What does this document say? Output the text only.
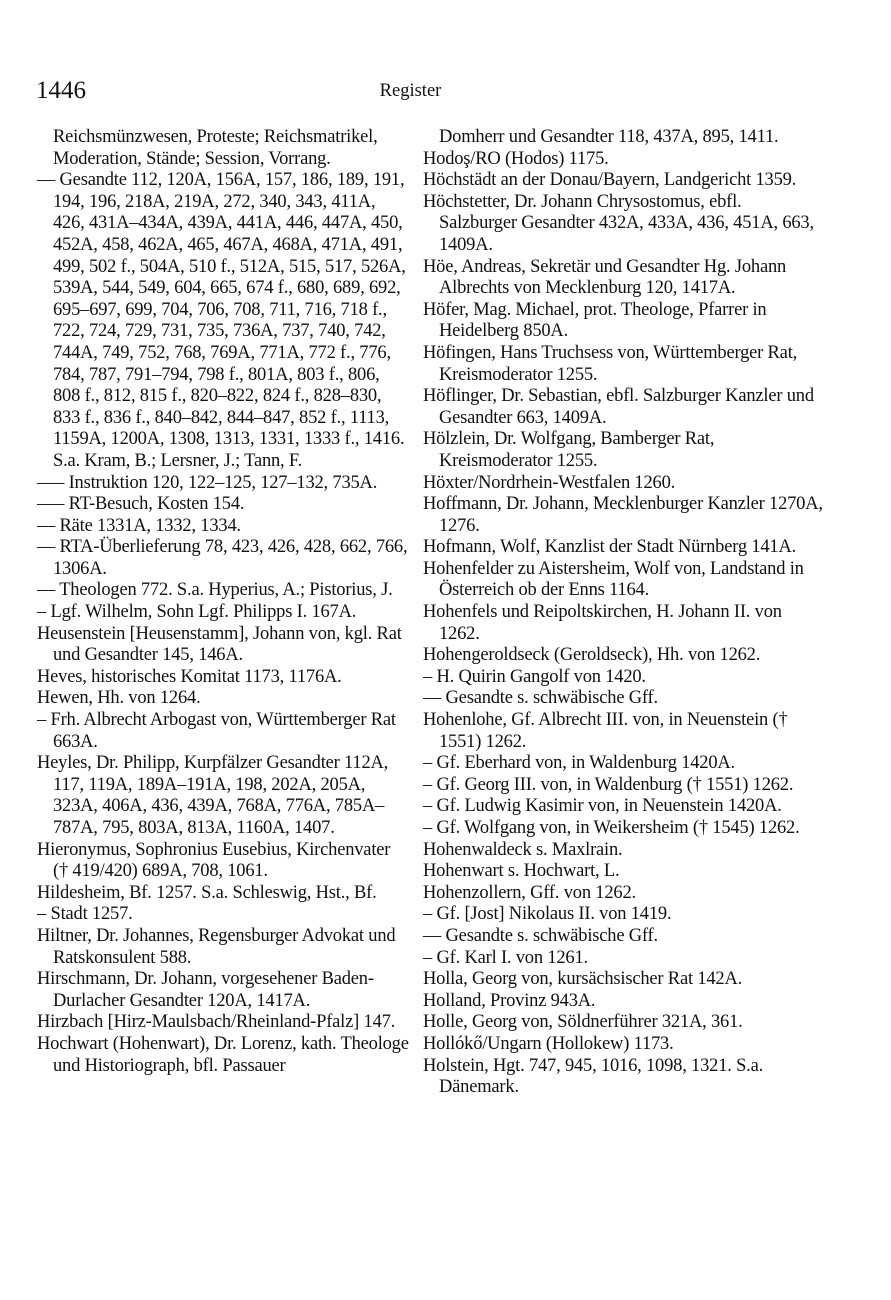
1446	Register

Reichsmünzwesen, Proteste; Reichsmatrikel, Moderation, Stände; Session, Vorrang.

–– Gesandte 112, 120A, 156A, 157, 186, 189, 191, 194, 196, 218A, 219A, 272, 340, 343, 411A, 426, 431A–434A, 439A, 441A, 446, 447A, 450, 452A, 458, 462A, 465, 467A, 468A, 471A, 491, 499, 502 f., 504A, 510 f., 512A, 515, 517, 526A, 539A, 544, 549, 604, 665, 674 f., 680, 689, 692, 695–697, 699, 704, 706, 708, 711, 716, 718 f., 722, 724, 729, 731, 735, 736A, 737, 740, 742, 744A, 749, 752, 768, 769A, 771A, 772 f., 776, 784, 787, 791–794, 798 f., 801A, 803 f., 806, 808 f., 812, 815 f., 820–822, 824 f., 828–830, 833 f., 836 f., 840–842, 844–847, 852 f., 1113, 1159A, 1200A, 1308, 1313, 1331, 1333 f., 1416. S.a. Kram, B.; Lersner, J.; Tann, F.

––– Instruktion 120, 122–125, 127–132, 735A.

––– RT-Besuch, Kosten 154.

–– Räte 1331A, 1332, 1334.

–– RTA-Überlieferung 78, 423, 426, 428, 662, 766, 1306A.

–– Theologen 772. S.a. Hyperius, A.; Pistorius, J.

– Lgf. Wilhelm, Sohn Lgf. Philipps I. 167A.

Heusenstein [Heusenstamm], Johann von, kgl. Rat und Gesandter 145, 146A.

Heves, historisches Komitat 1173, 1176A.

Hewen, Hh. von 1264.

– Frh. Albrecht Arbogast von, Württemberger Rat 663A.

Heyles, Dr. Philipp, Kurpfälzer Gesandter 112A, 117, 119A, 189A–191A, 198, 202A, 205A, 323A, 406A, 436, 439A, 768A, 776A, 785A–787A, 795, 803A, 813A, 1160A, 1407.

Hieronymus, Sophronius Eusebius, Kirchenvater († 419/420) 689A, 708, 1061.

Hildesheim, Bf. 1257. S.a. Schleswig, Hst., Bf.

– Stadt 1257.

Hiltner, Dr. Johannes, Regensburger Advokat und Ratskonsulent 588.

Hirschmann, Dr. Johann, vorgesehener Baden-Durlacher Gesandter 120A, 1417A.

Hirzbach [Hirz-Maulsbach/Rheinland-Pfalz] 147.

Hochwart (Hohenwart), Dr. Lorenz, kath. Theologe und Historiograph, bfl. Passauer

Domherr und Gesandter 118, 437A, 895, 1411.

Hodoş/RO (Hodos) 1175.

Höchstädt an der Donau/Bayern, Landgericht 1359.

Höchstetter, Dr. Johann Chrysostomus, ebfl. Salzburger Gesandter 432A, 433A, 436, 451A, 663, 1409A.

Höe, Andreas, Sekretär und Gesandter Hg. Johann Albrechts von Mecklenburg 120, 1417A.

Höfer, Mag. Michael, prot. Theologe, Pfarrer in Heidelberg 850A.

Höfingen, Hans Truchsess von, Württemberger Rat, Kreismoderator 1255.

Höflinger, Dr. Sebastian, ebfl. Salzburger Kanzler und Gesandter 663, 1409A.

Hölzlein, Dr. Wolfgang, Bamberger Rat, Kreismoderator 1255.

Höxter/Nordrhein-Westfalen 1260.

Hoffmann, Dr. Johann, Mecklenburger Kanzler 1270A, 1276.

Hofmann, Wolf, Kanzlist der Stadt Nürnberg 141A.

Hohenfelder zu Aistersheim, Wolf von, Landstand in Österreich ob der Enns 1164.

Hohenfels und Reipoltskirchen, H. Johann II. von 1262.

Hohengeroldseck (Geroldseck), Hh. von 1262.

– H. Quirin Gangolf von 1420.

–– Gesandte s. schwäbische Gff.

Hohenlohe, Gf. Albrecht III. von, in Neuenstein († 1551) 1262.

– Gf. Eberhard von, in Waldenburg 1420A.

– Gf. Georg III. von, in Waldenburg († 1551) 1262.

– Gf. Ludwig Kasimir von, in Neuenstein 1420A.

– Gf. Wolfgang von, in Weikersheim († 1545) 1262.

Hohenwaldeck s. Maxlrain.

Hohenwart s. Hochwart, L.

Hohenzollern, Gff. von 1262.

– Gf. [Jost] Nikolaus II. von 1419.

–– Gesandte s. schwäbische Gff.

– Gf. Karl I. von 1261.

Holla, Georg von, kursächsischer Rat 142A.

Holland, Provinz 943A.

Holle, Georg von, Söldnerführer 321A, 361.

Hollókő/Ungarn (Hollokew) 1173.

Holstein, Hgt. 747, 945, 1016, 1098, 1321. S.a. Dänemark.
